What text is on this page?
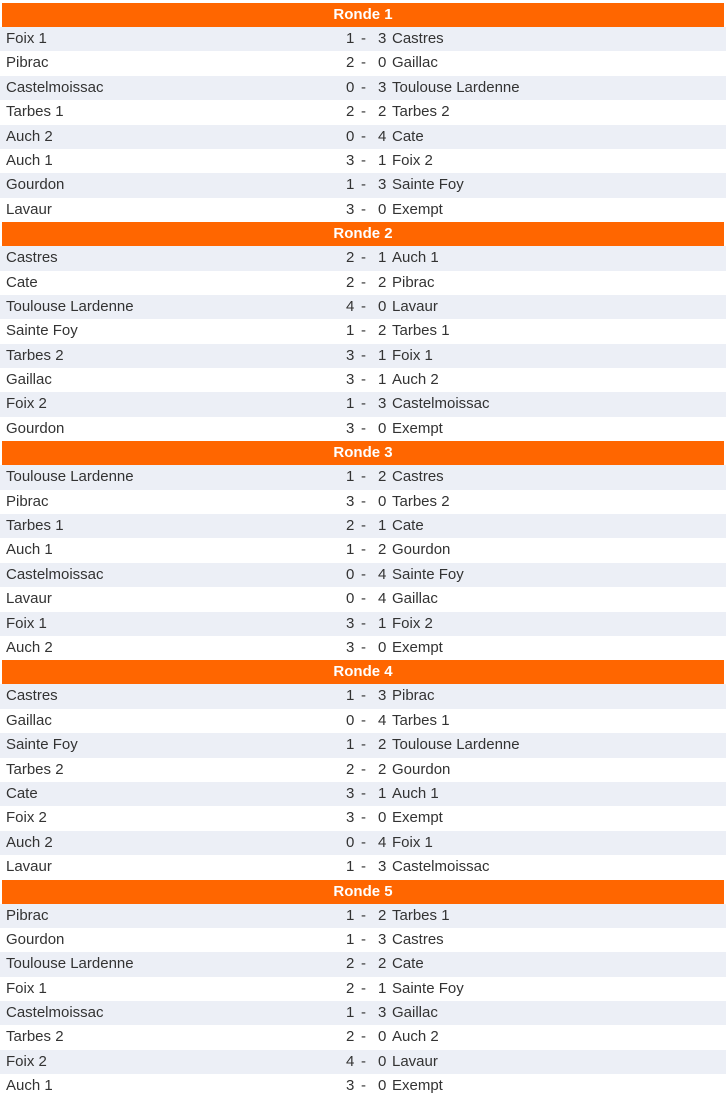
Ronde 1
Foix 1	1 - 3 Castres
Pibrac	2 - 0 Gaillac
Castelmoissac	0 - 3 Toulouse Lardenne
Tarbes 1	2 - 2 Tarbes 2
Auch 2	0 - 4 Cate
Auch 1	3 - 1 Foix 2
Gourdon	1 - 3 Sainte Foy
Lavaur	3 - 0 Exempt
Ronde 2
Castres	2 - 1 Auch 1
Cate	2 - 2 Pibrac
Toulouse Lardenne	4 - 0 Lavaur
Sainte Foy	1 - 2 Tarbes 1
Tarbes 2	3 - 1 Foix 1
Gaillac	3 - 1 Auch 2
Foix 2	1 - 3 Castelmoissac
Gourdon	3 - 0 Exempt
Ronde 3
Toulouse Lardenne	1 - 2 Castres
Pibrac	3 - 0 Tarbes 2
Tarbes 1	2 - 1 Cate
Auch 1	1 - 2 Gourdon
Castelmoissac	0 - 4 Sainte Foy
Lavaur	0 - 4 Gaillac
Foix 1	3 - 1 Foix 2
Auch 2	3 - 0 Exempt
Ronde 4
Castres	1 - 3 Pibrac
Gaillac	0 - 4 Tarbes 1
Sainte Foy	1 - 2 Toulouse Lardenne
Tarbes 2	2 - 2 Gourdon
Cate	3 - 1 Auch 1
Foix 2	3 - 0 Exempt
Auch 2	0 - 4 Foix 1
Lavaur	1 - 3 Castelmoissac
Ronde 5
Pibrac	1 - 2 Tarbes 1
Gourdon	1 - 3 Castres
Toulouse Lardenne	2 - 2 Cate
Foix 1	2 - 1 Sainte Foy
Castelmoissac	1 - 3 Gaillac
Tarbes 2	2 - 0 Auch 2
Foix 2	4 - 0 Lavaur
Auch 1	3 - 0 Exempt
